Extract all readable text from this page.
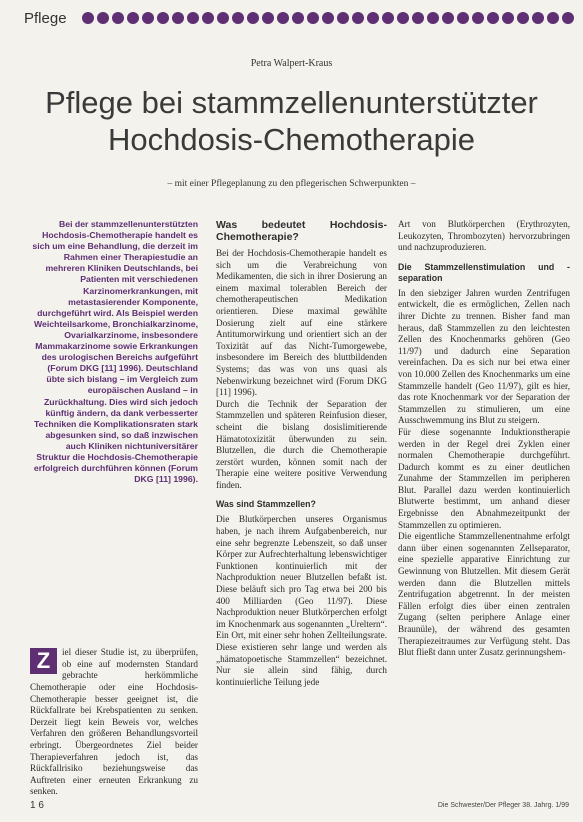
Pflege
Petra Walpert-Kraus
Pflege bei stammzellenunterstützter Hochdosis-Chemotherapie
– mit einer Pflegeplanung zu den pflegerischen Schwerpunkten –

Bei der stammzellenunterstützten Hochdosis-Chemotherapie handelt es sich um eine Behandlung, die derzeit im Rahmen einer Therapiestudie an mehreren Kliniken Deutschlands, bei Patienten mit verschiedenen Karzinomerkrankungen, mit metastasierender Komponente, durchgeführt wird. Als Beispiel werden Weichteilsarkome, Bronchialkarzinome, Ovarialkarzinome, insbesondere Mammakarzinome sowie Erkrankungen des urologischen Bereichs aufgeführt (Forum DKG [11] 1996). Deutschland übte sich bislang – im Vergleich zum europäischen Ausland – in Zurückhaltung. Dies wird sich jedoch künftig ändern, da dank verbesserter Techniken die Komplikationsraten stark abgesunken sind, so daß inzwischen auch Kliniken nichtuniversitärer Struktur die Hochdosis-Chemotherapie erfolgreich durchführen können (Forum DKG [11] 1996).

Z	iel dieser Studie ist, zu überprüfen, ob eine auf modernsten Standard gebrachte herkömmliche Chemotherapie oder eine Hochdosis-Chemotherapie besser geeignet ist, die Rückfallrate bei Krebspatienten zu senken. Derzeit liegt kein Beweis vor, welches Verfahren den größeren Behandlungsvorteil erbringt. Übergeordnetes Ziel beider Therapieverfahren jedoch ist, das Rückfallrisiko beziehungsweise das Auftreten einer erneuten Erkrankung zu senken.

Was bedeutet Hochdosis-Chemotherapie?

Bei der Hochdosis-Chemotherapie handelt es sich um die Verabreichung von Medikamenten, die sich in ihrer Dosierung an einem maximal tolerablen Bereich der chemotherapeutischen Medikation orientieren. Diese maximal gewählte Dosierung zielt auf eine stärkere Antitumorwirkung und orientiert sich an der Toxizität auf das Nicht-Tumorgewebe, insbesondere im Bereich des bluttbildenden Systems; das was von uns quasi als Nebenwirkung bezeichnet wird (Forum DKG [11] 1996).

Durch die Technik der Separation der Stammzellen und späteren Reinfusion dieser, scheint die bislang dosislimitierende Hämatotoxizität überwunden zu sein. Blutzellen, die durch die Chemotherapie zerstört wurden, können somit nach der Therapie eine weitere positive Verwendung finden.

Was sind Stammzellen?

Die Blutkörperchen unseres Organismus haben, je nach ihrem Aufgabenbereich, nur eine sehr begrenzte Lebenszeit, so daß unser Körper zur Aufrechterhaltung lebenswichtiger Funktionen kontinuierlich mit der Nachproduktion neuer Blutzellen befaßt ist. Diese beläuft sich pro Tag etwa bei 200 bis 400 Milliarden (Geo 11/97). Diese Nachproduktion neuer Blutkörperchen erfolgt im Knochenmark aus sogenannten „Ureltern“. Ein Ort, mit einer sehr hohen Zellteilungsrate. Diese existieren sehr lange und werden als „hämatopoetische Stammzellen“ bezeichnet. Nur sie allein sind fähig, durch kontinuierliche Teilung jede

Art von Blutkörperchen (Erythrozyten, Leukozyten, Thrombozyten) hervorzubringen und nachzuproduzieren.

Die Stammzellenstimulation und -separation

In den siebziger Jahren wurden Zentrifugen entwickelt, die es ermöglichen, Zellen nach ihrer Dichte zu trennen. Bisher fand man heraus, daß Stammzellen zu den leichtesten Zellen des Knochenmarks gehören (Geo 11/97) und dadurch eine Separation vereinfachen. Da es sich nur bei etwa einer von 10.000 Zellen des Knochenmarks um eine Stammzelle handelt (Geo 11/97), gilt es hier, das rote Knochenmark vor der Separation der Stammzellen zu stimulieren, um eine Ausschwemmung ins Blut zu steigern.

Für diese sogenannte Induktionstherapie werden in der Regel drei Zyklen einer normalen Chemotherapie durchgeführt. Dadurch kommt es zu einer deutlichen Zunahme der Stammzellen im peripheren Blut. Parallel dazu werden kontinuierlich Blutwerte bestimmt, um anhand dieser Ergebnisse den Abnahmezeitpunkt der Stammzellen zu optimieren.

Die eigentliche Stammzellenentnahme erfolgt dann über einen sogenannten Zellseparator, eine spezielle apparative Einrichtung zur Gewinnung von Blutzellen. Mit diesem Gerät werden dann die Blutzellen mittels Zentrifugation abgetrennt. In der meisten Fällen erfolgt dies über einen zentralen Zugang (selten periphere Anlage einer Braunüle), der während des gesamten Therapiezeitraumes zur Verfügung steht. Das Blut fließt dann unter Zusatz gerinnungshem-

1 6	Die Schwester/Der Pfleger 38. Jahrg. 1/99
